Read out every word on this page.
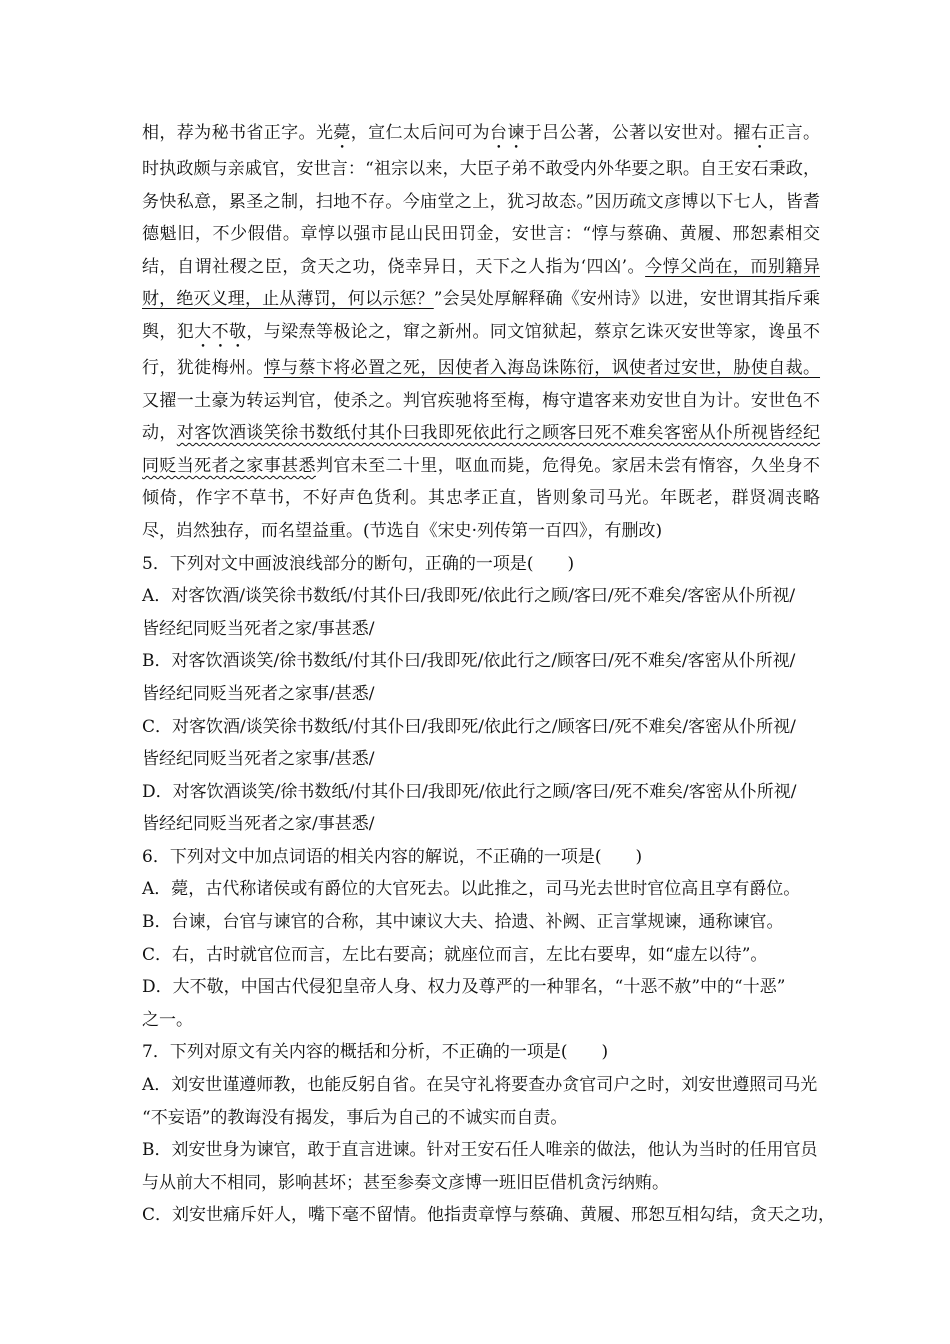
相，荐为秘书省正字。光薨，宣仁太后问可为台谏于吕公著，公著以安世对。擢右正言。时执政颇与亲戚官，安世言：“祖宗以来，大臣子弟不敢受内外华要之职。自王安石秉政，务快私意，累圣之制，扫地不存。今庙堂之上，犹习故态。”因历疏文彦博以下七人，皆耆德魁旧，不少假借。章惇以强市昆山民田罚金，安世言：“惇与蔡确、黄履、邢恕素相交结，自谓社稷之臣，贪天之功，侥幸异日，天下之人指为‘四凶’。今惇父尚在，而别籍异财，绝灭义理，止从薄罚，何以示惩？”会吴处厚解释确《安州诗》以进，安世谓其指斥乘舆，犯大不敬，与梁焘等极论之，窜之新州。同文馆狱起，蔡京乞诛灭安世等家，谗虽不行，犹徙梅州。惇与蔡卞将必置之死，因使者入海岛诛陈衍，讽使者过安世，胁使自裁。又擢一土豪为转运判官，使杀之。判官疾驰将至梅，梅守遣客来劝安世自为计。安世色不动，对客饮酒谈笑徐书数纸付其仆曰我即死依此行之顾客曰死不难矣客密从仆所视皆经纪同贬当死者之家事甚悉判官未至二十里，呕血而毙，危得免。家居未尝有惰容，久坐身不倾倚，作字不草书，不好声色货利。其忠孝正直，皆则象司马光。年既老，群贤凋丧略尽，岿然独存，而名望益重。(节选自《宋史·列传第一百四》，有删改)

5．下列对文中画波浪线部分的断句，正确的一项是(　　)

A．对客饮酒/谈笑徐书数纸/付其仆曰/我即死/依此行之顾/客曰/死不难矣/客密从仆所视/

皆经纪同贬当死者之家/事甚悉/

B．对客饮酒谈笑/徐书数纸/付其仆曰/我即死/依此行之/顾客曰/死不难矣/客密从仆所视/

皆经纪同贬当死者之家事/甚悉/

C．对客饮酒/谈笑徐书数纸/付其仆曰/我即死/依此行之/顾客曰/死不难矣/客密从仆所视/

皆经纪同贬当死者之家事/甚悉/

D．对客饮酒谈笑/徐书数纸/付其仆曰/我即死/依此行之顾/客曰/死不难矣/客密从仆所视/

皆经纪同贬当死者之家/事甚悉/

6．下列对文中加点词语的相关内容的解说，不正确的一项是(　　)

A．薨，古代称诸侯或有爵位的大官死去。以此推之，司马光去世时官位高且享有爵位。

B．台谏，台官与谏官的合称，其中谏议大夫、拾遗、补阙、正言掌规谏，通称谏官。

C．右，古时就官位而言，左比右要高；就座位而言，左比右要卑，如“虚左以待”。

D．大不敬，中国古代侵犯皇帝人身、权力及尊严的一种罪名，“十恶不赦”中的“十恶”

之一。

7．下列对原文有关内容的概括和分析，不正确的一项是(　　)

A．刘安世谨遵师教，也能反躬自省。在吴守礼将要查办贪官司户之时，刘安世遵照司马光

“不妄语”的教诲没有揭发，事后为自己的不诚实而自责。

B．刘安世身为谏官，敢于直言进谏。针对王安石任人唯亲的做法，他认为当时的任用官员

与从前大不相同，影响甚坏；甚至参奏文彦博一班旧臣借机贪污纳贿。

C．刘安世痛斥奸人，嘴下毫不留情。他指责章惇与蔡确、黄履、邢恕互相勾结，贪天之功，
